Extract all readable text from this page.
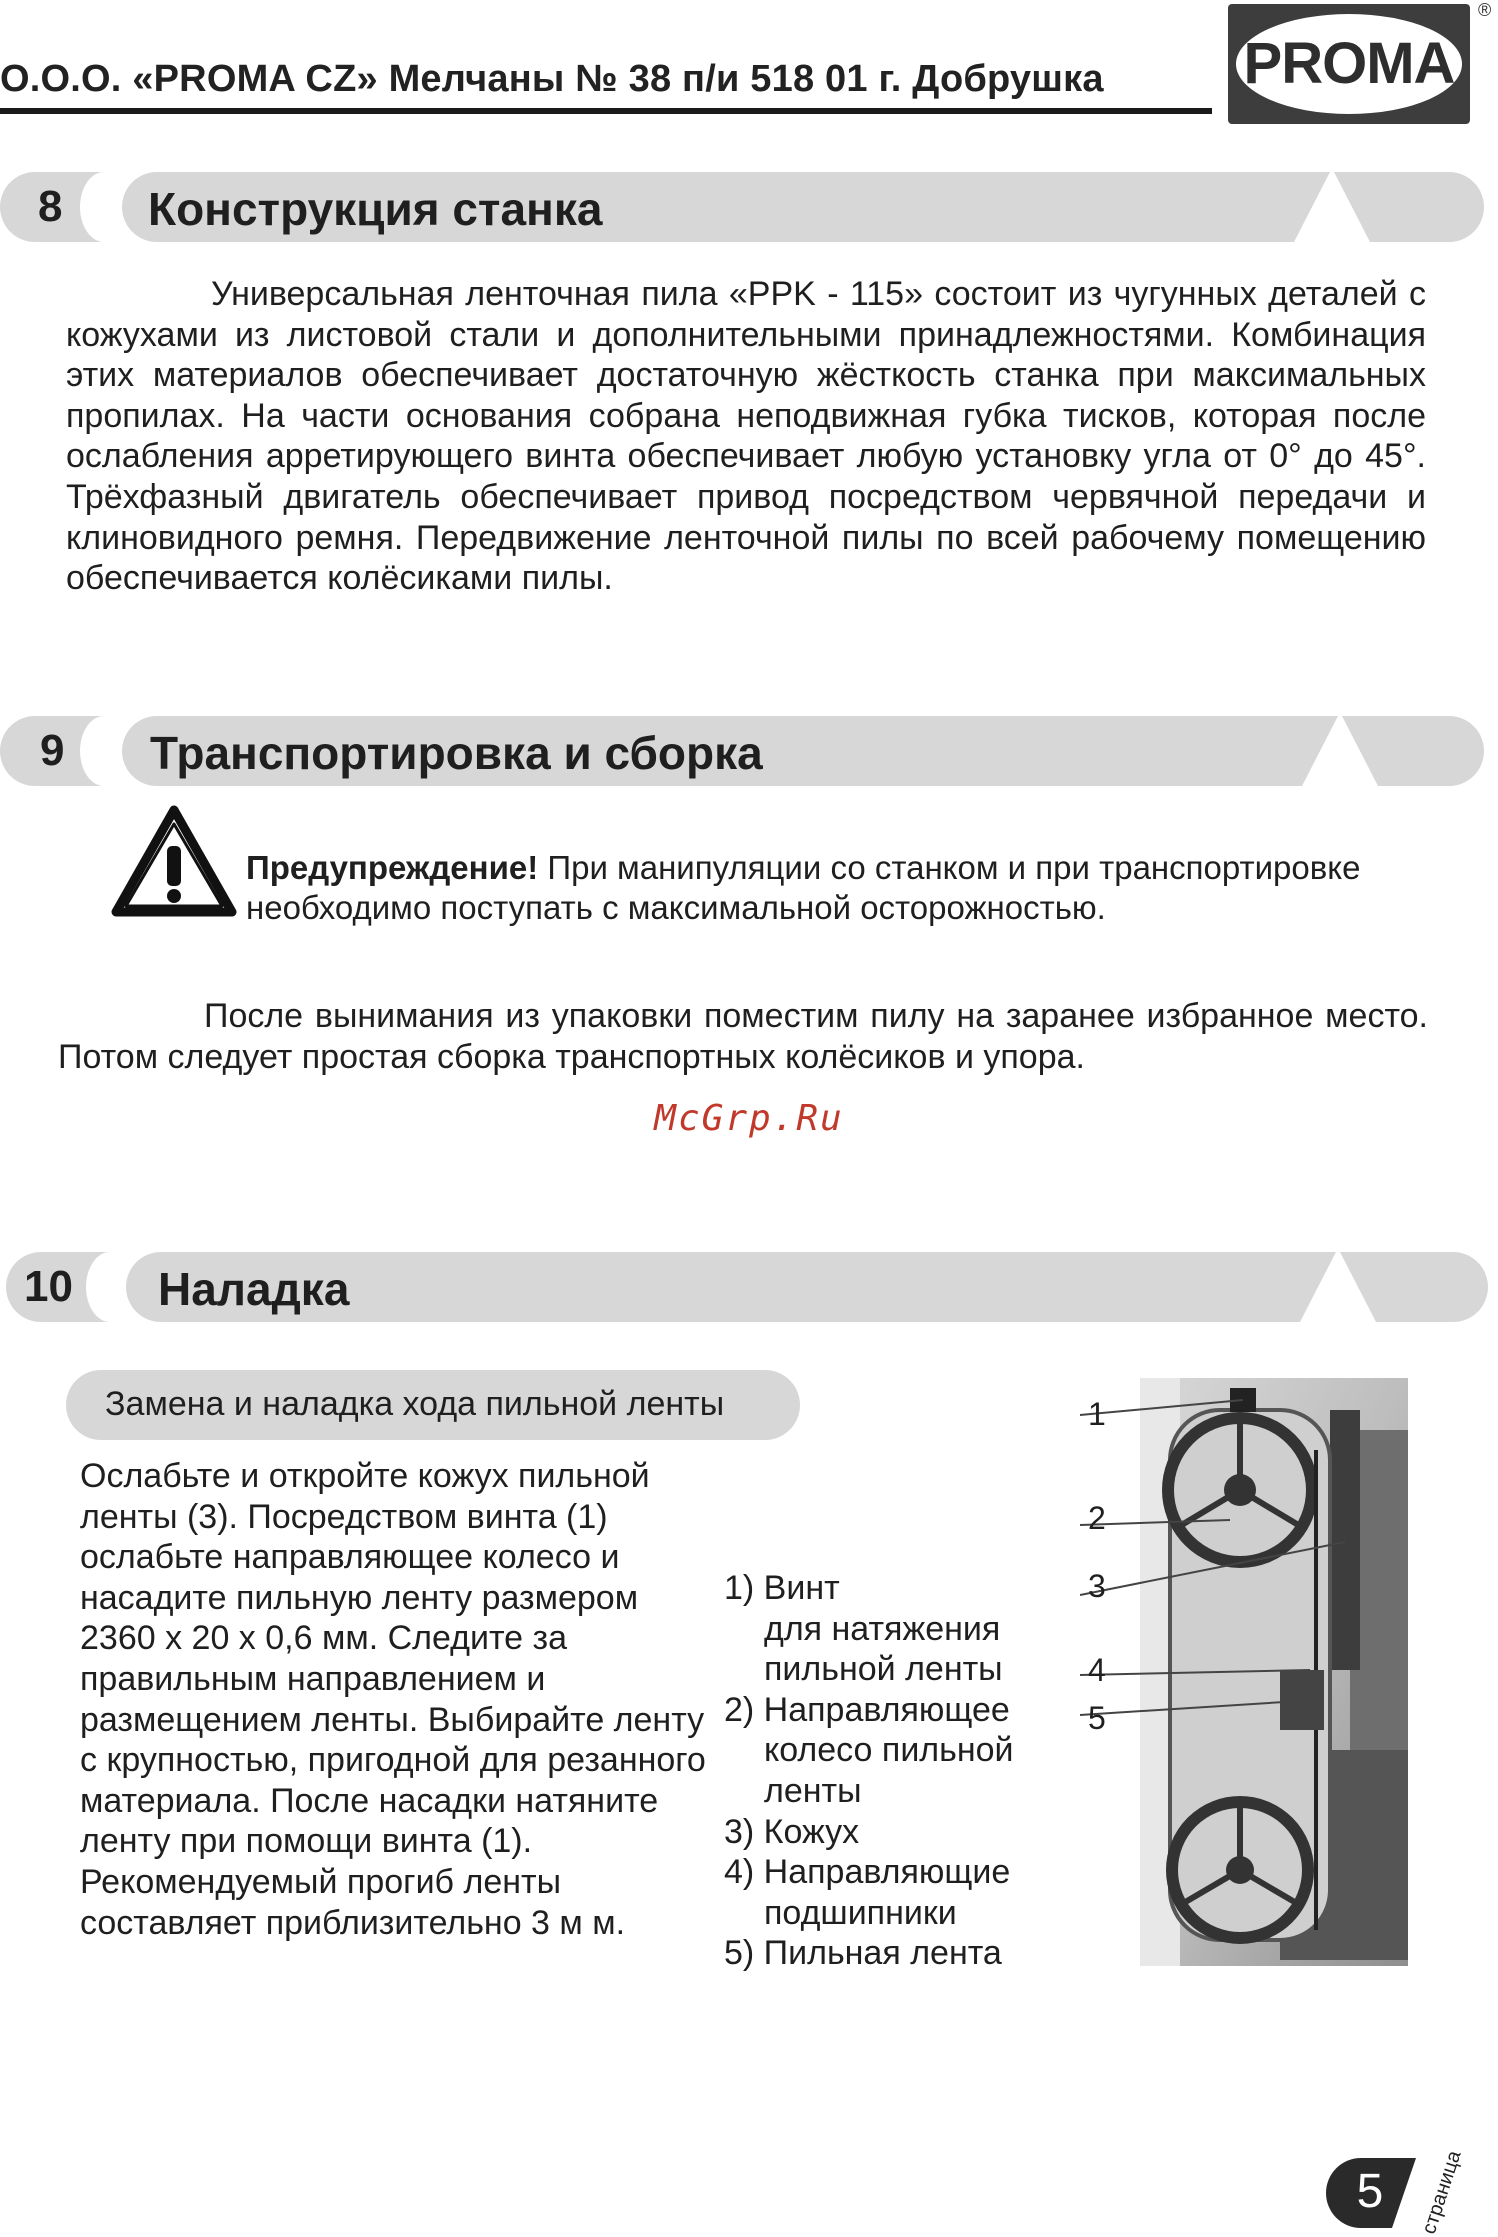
О.О.О. «PROMA CZ» Мелчаны № 38 п/и 518 01 г. Добрушка PROMA
®
8 Конструкция станка
Универсальная ленточная пила «PPK - 115» состоит из чугунных деталей с кожухами из листовой стали и дополнительными принадлежностями. Комбинация этих материалов обеспечивает достаточную жёсткость станка при максимальных пропилах. На части основания собрана неподвижная губка тисков, которая после ослабления арретирующего винта обеспечивает любую установку угла от 0° до 45°. Трёхфазный двигатель обеспечивает привод посредством червячной передачи и клиновидного ремня. Передвижение ленточной пилы по всей рабочему помещению обеспечивается колёсиками пилы.
9 Транспортировка и сборка
Предупреждение! При манипуляции со станком и при транспортировке необходимо поступать с максимальной осторожностью.
После вынимания из упаковки поместим пилу на заранее избранное место. Потом следует простая сборка транспортных колёсиков и упора.
McGrp.Ru
10 Наладка
Замена и наладка хода пильной ленты
Ослабьте и откройте кожух пильной ленты (3). Посредством винта (1) ослабьте направляющее колесо и насадите пильную ленту размером 2360 x 20 x 0,6 мм. Следите за правильным направлением и размещением ленты. Выбирайте ленту с крупностью, пригодной для резанного материала. После насадки натяните ленту при помощи винта (1). Рекомендуемый прогиб ленты составляет приблизительно 3 м м.
1) Винт
для натяжения
пильной ленты
2) Направляющее
колесо пильной
ленты
3) Кожух
4) Направляющие
подшипники
5) Пильная лента
1
2
3
4
5
5	страница
